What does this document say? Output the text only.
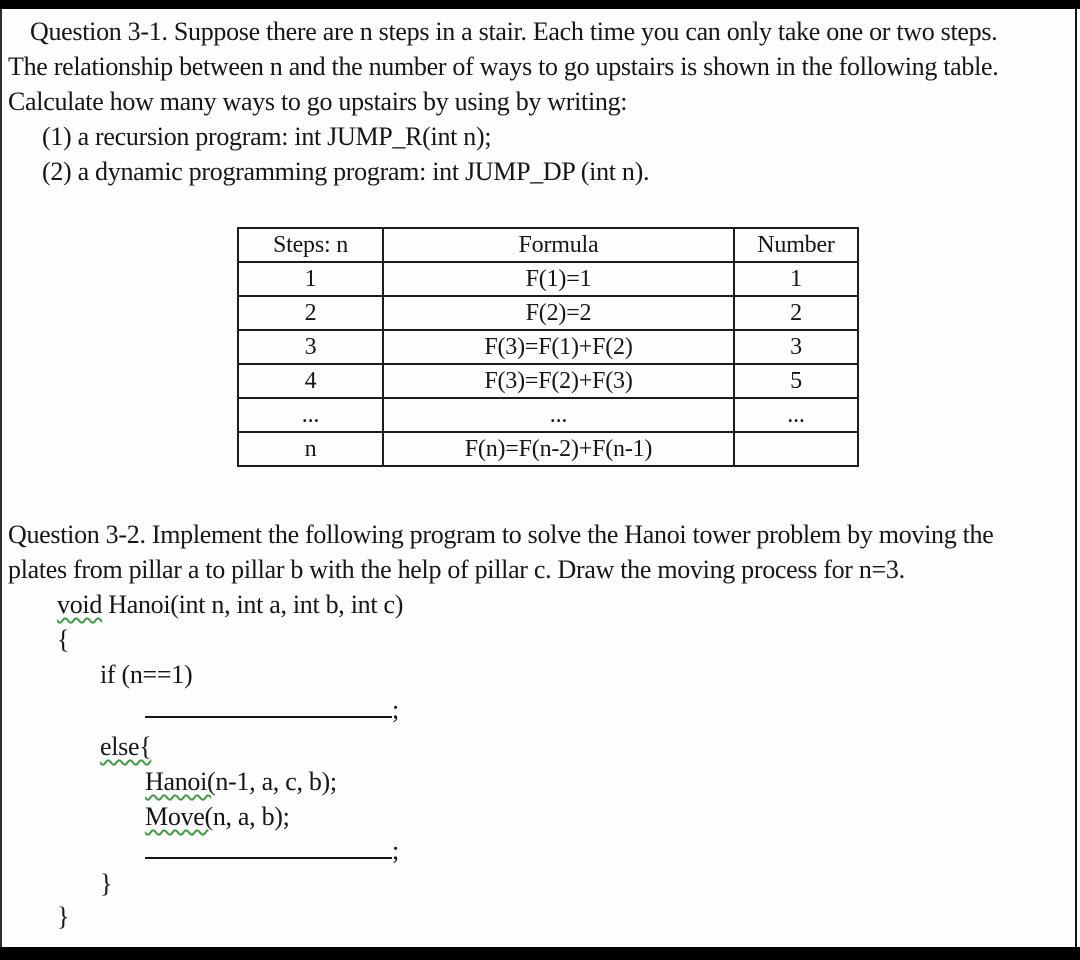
Question 3-1. Suppose there are n steps in a stair. Each time you can only take one or two steps.
The relationship between n and the number of ways to go upstairs is shown in the following table.
Calculate how many ways to go upstairs by using by writing:
(1) a recursion program: int JUMP_R(int n);
(2) a dynamic programming program: int JUMP_DP (int n).
Steps: n	Formula	Number
1	F(1)=1	1
2	F(2)=2	2
3	F(3)=F(1)+F(2)	3
4	F(3)=F(2)+F(3)	5
...	...	...
n	F(n)=F(n-2)+F(n-1)	
Question 3-2. Implement the following program to solve the Hanoi tower problem by moving the
plates from pillar a to pillar b with the help of pillar c. Draw the moving process for n=3.
void Hanoi(int n, int a, int b, int c)
{
if (n==1)
;
else{
Hanoi(n-1, a, c, b);
Move(n, a, b);
;
}
}
